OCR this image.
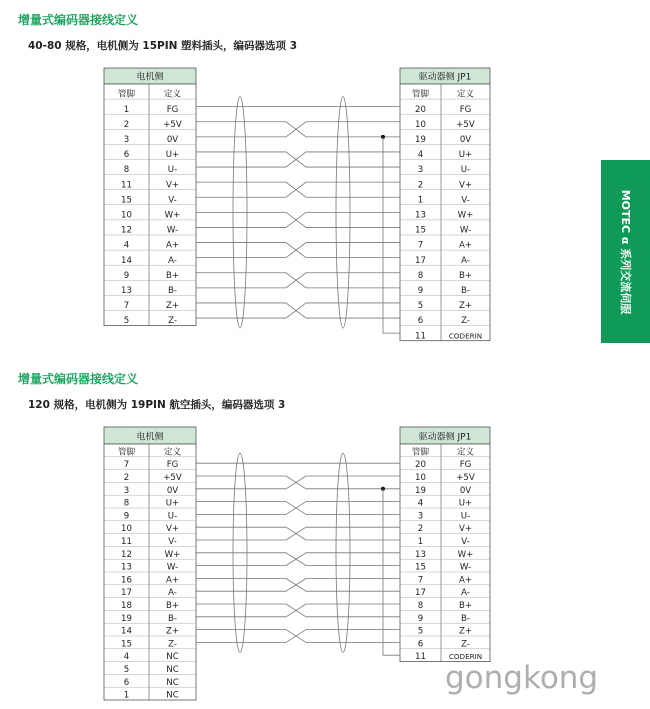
增量式编码器接线定义
40-80 规格，电机侧为 15PIN 塑料插头，编码器选项 3
电机侧
管脚	定义
1	FG
2	+5V
3	0V
6	U+
8	U-
11	V+
15	V-
10	W+
12	W-
4	A+
14	A-
9	B+
13	B-
7	Z+
5	Z-
驱动器侧 JP1
管脚	定义
20	FG
10	+5V
19	0V
4	U+
3	U-
2	V+
1	V-
13	W+
15	W-
7	A+
17	A-
8	B+
9	B-
5	Z+
6	Z-
11	CODERIN
增量式编码器接线定义
120 规格，电机侧为 19PIN 航空插头，编码器选项 3
电机侧
管脚	定义
7	FG
2	+5V
3	0V
8	U+
9	U-
10	V+
11	V-
12	W+
13	W-
16	A+
17	A-
18	B+
19	B-
14	Z+
15	Z-
4	NC
5	NC
6	NC
1	NC
驱动器侧 JP1
管脚	定义
20	FG
10	+5V
19	0V
4	U+
3	U-
2	V+
1	V-
13	W+
15	W-
7	A+
17	A-
8	B+
9	B-
5	Z+
6	Z-
11	CODERIN
MOTEC α 系列交流伺服
gongkong
